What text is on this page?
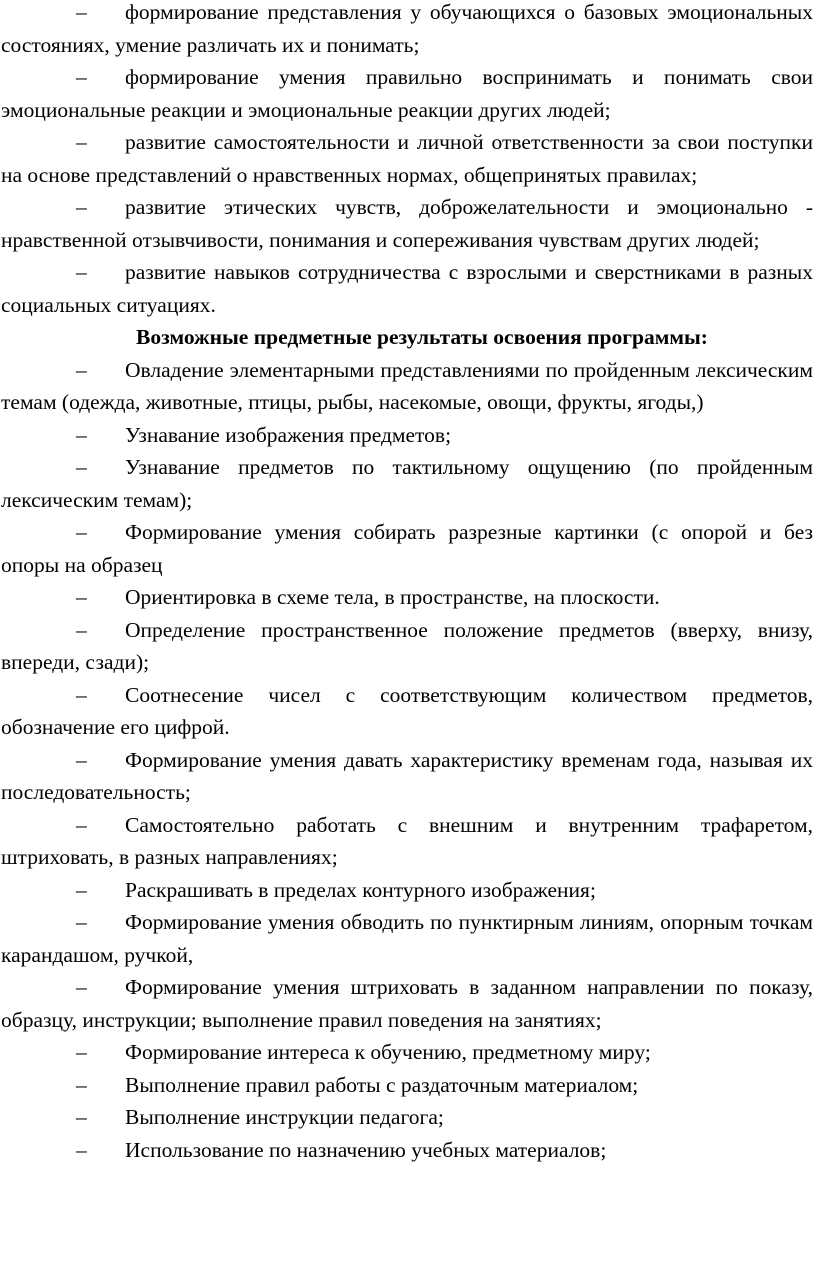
–	формирование представления у обучающихся о базовых эмоциональных состояниях, умение различать их и понимать;

–	формирование умения правильно воспринимать и понимать свои эмоциональные реакции и эмоциональные реакции других людей;

–	развитие самостоятельности и личной ответственности за свои поступки на основе представлений о нравственных нормах, общепринятых правилах;

–	развитие этических чувств, доброжелательности и эмоционально - нравственной отзывчивости, понимания и сопереживания чувствам других людей;

–	развитие навыков сотрудничества с взрослыми и сверстниками в разных социальных ситуациях.

Возможные предметные результаты освоения программы:

–	Овладение элементарными представлениями по пройденным лексическим темам (одежда, животные, птицы, рыбы, насекомые, овощи, фрукты, ягоды,)

–	Узнавание изображения предметов;

–	Узнавание предметов по тактильному ощущению (по пройденным лексическим темам);

–	Формирование умения собирать разрезные картинки (с опорой и без опоры на образец

–	Ориентировка в схеме тела, в пространстве, на плоскости.

–	Определение пространственное положение предметов (вверху, внизу, впереди, сзади);

–	Соотнесение чисел с соответствующим количеством предметов, обозначение его цифрой.

–	Формирование умения давать характеристику временам года, называя их последовательность;

–	Самостоятельно работать с внешним и внутренним трафаретом, штриховать, в разных направлениях;

–	Раскрашивать в пределах контурного изображения;

–	Формирование умения обводить по пунктирным линиям, опорным точкам карандашом, ручкой,

–	Формирование умения штриховать в заданном направлении по показу, образцу, инструкции; выполнение правил поведения на занятиях;

–	Формирование интереса к обучению, предметному миру;

–	Выполнение правил работы с раздаточным материалом;

–	Выполнение инструкции педагога;

–	Использование по назначению учебных материалов;
